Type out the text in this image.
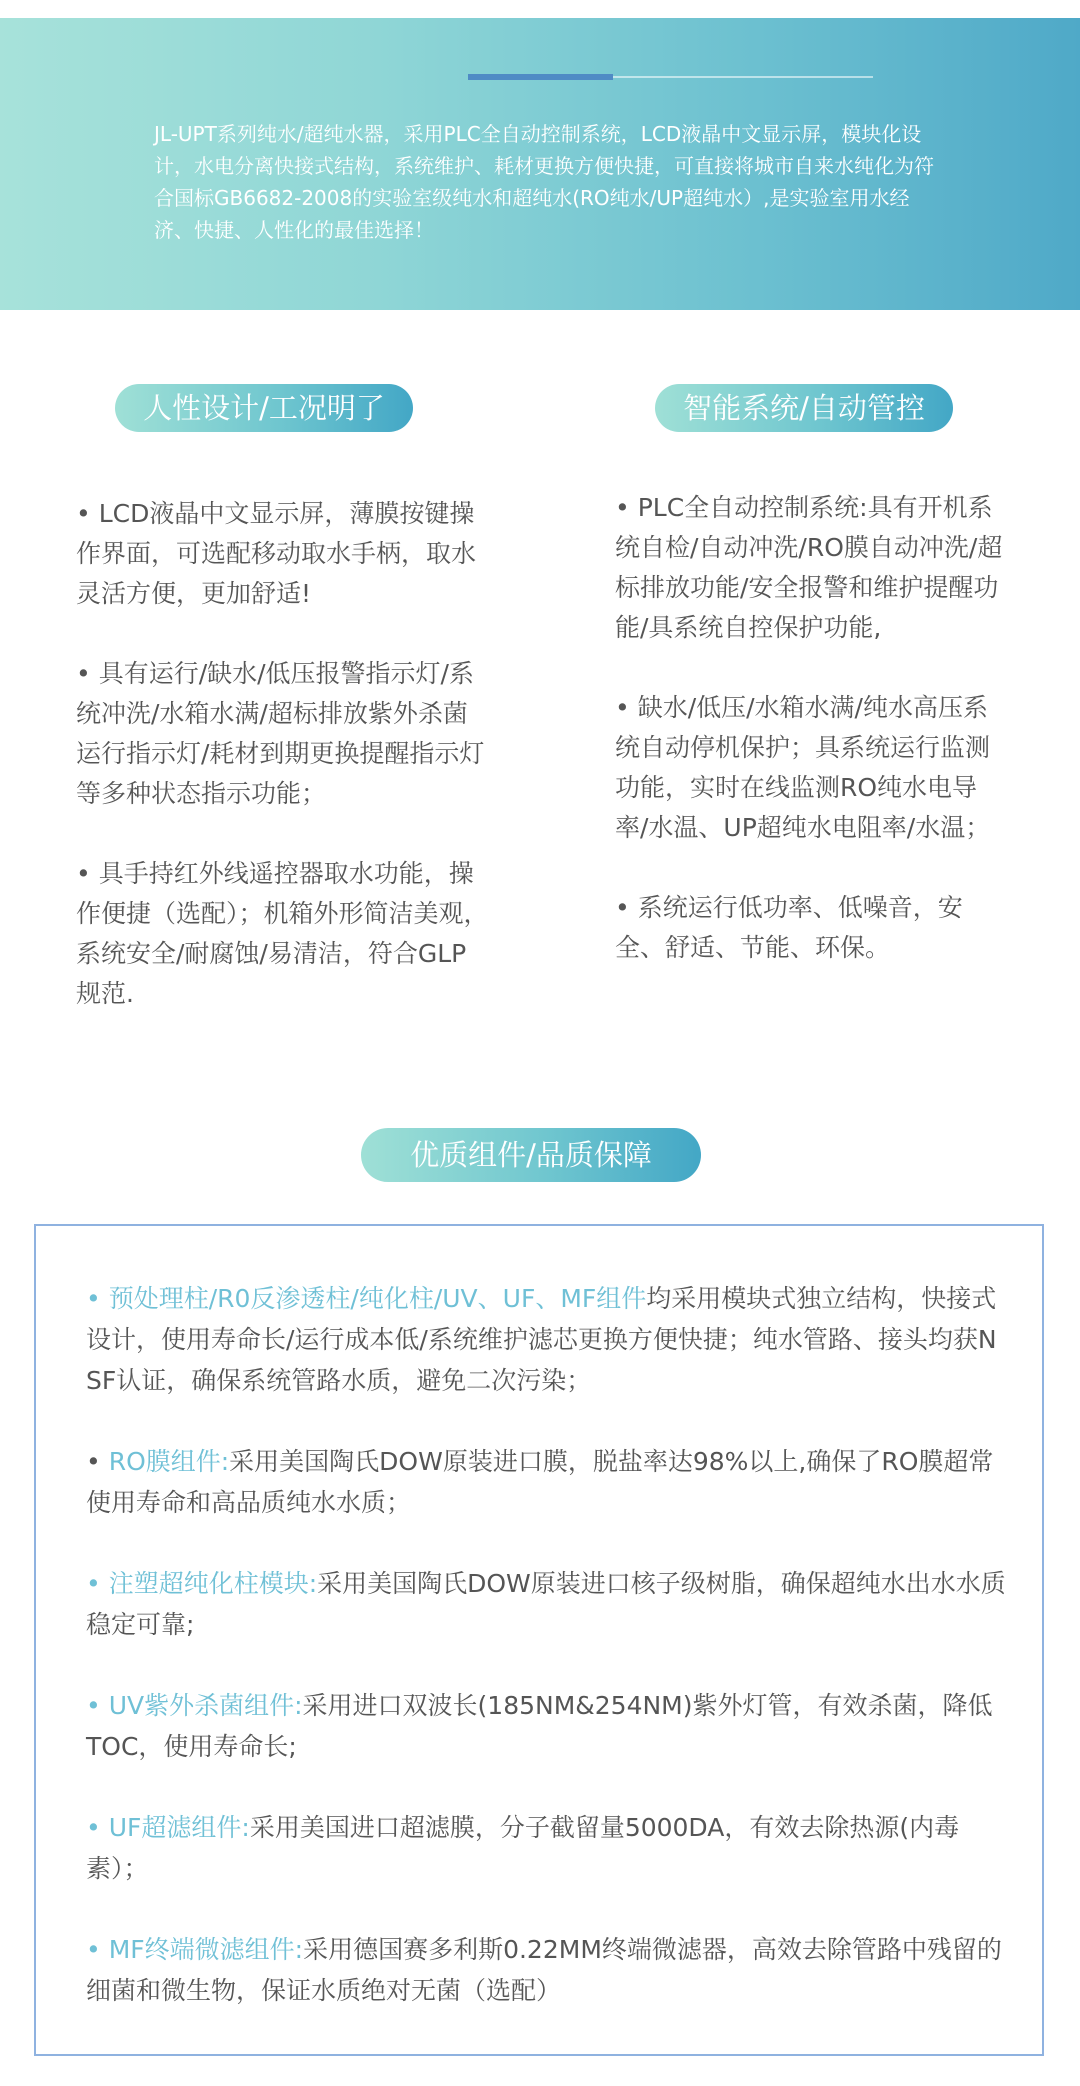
JL-UPT系列纯水/超纯水器，采用PLC全自动控制系统，LCD液晶中文显示屏，模块化设计，水电分离快接式结构，系统维护、耗材更换方便快捷，可直接将城市自来水纯化为符合国标GB6682-2008的实验室级纯水和超纯水(RO纯水/UP超纯水）,是实验室用水经济、快捷、人性化的最佳选择！

人性设计/工况明了	智能系统/自动管控

• LCD液晶中文显示屏，薄膜按键操作界面，可选配移动取水手柄，取水灵活方便，更加舒适!

• 具有运行/缺水/低压报警指示灯/系统冲洗/水箱水满/超标排放紫外杀菌运行指示灯/耗材到期更换提醒指示灯等多种状态指示功能；

• 具手持红外线遥控器取水功能，操作便捷（选配）；机箱外形简洁美观，系统安全/耐腐蚀/易清洁，符合GLP规范.

• PLC全自动控制系统:具有开机系统自检/自动冲洗/RO膜自动冲洗/超标排放功能/安全报警和维护提醒功能/具系统自控保护功能,

• 缺水/低压/水箱水满/纯水高压系统自动停机保护；具系统运行监测功能，实时在线监测RO纯水电导率/水温、UP超纯水电阻率/水温；

• 系统运行低功率、低噪音，安全、舒适、节能、环保。

优质组件/品质保障

• 预处理柱/R0反渗透柱/纯化柱/UV、UF、MF组件均采用模块式独立结构，快接式设计，使用寿命长/运行成本低/系统维护滤芯更换方便快捷；纯水管路、接头均获NSF认证，确保系统管路水质，避免二次污染；

• RO膜组件:采用美国陶氏DOW原装进口膜，脱盐率达98%以上,确保了RO膜超常使用寿命和高品质纯水水质；

• 注塑超纯化柱模块:采用美国陶氏DOW原装进口核子级树脂，确保超纯水出水水质稳定可靠;

• UV紫外杀菌组件:采用进口双波长(185NM&254NM)紫外灯管，有效杀菌，降低TOC，使用寿命长;

• UF超滤组件:采用美国进口超滤膜，分子截留量5000DA，有效去除热源(内毒素）；

• MF终端微滤组件:采用德国赛多利斯0.22MM终端微滤器，高效去除管路中残留的细菌和微生物，保证水质绝对无菌（选配）
